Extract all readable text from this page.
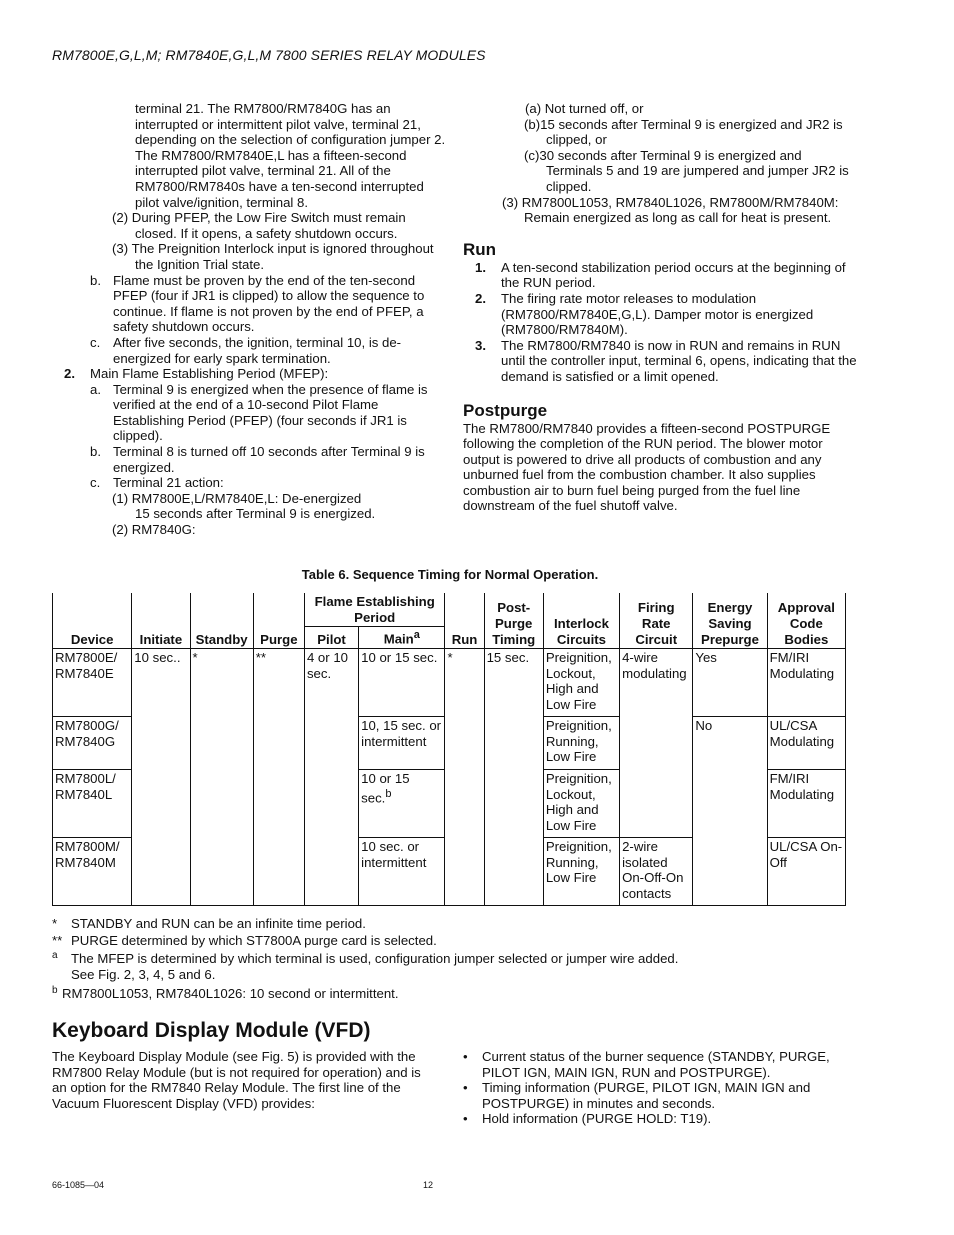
RM7800E,G,L,M; RM7840E,G,L,M 7800 SERIES RELAY MODULES

terminal 21. The RM7800/RM7840G has an interrupted or intermittent pilot valve, terminal 21, depending on the selection of configuration jumper 2. The RM7800/RM7840E,L has a fifteen-second interrupted pilot valve, terminal 21. All of the RM7800/RM7840s have a ten-second interrupted pilot valve/ignition, terminal 8.

(2) During PFEP, the Low Fire Switch must remain closed. If it opens, a safety shutdown occurs.

(3) The Preignition Interlock input is ignored throughout the Ignition Trial state.

b. Flame must be proven by the end of the ten-second PFEP (four if JR1 is clipped) to allow the sequence to continue. If flame is not proven by the end of PFEP, a safety shutdown occurs.

c. After five seconds, the ignition, terminal 10, is de-energized for early spark termination.

2. Main Flame Establishing Period (MFEP):

a. Terminal 9 is energized when the presence of flame is verified at the end of a 10-second Pilot Flame Establishing Period (PFEP) (four seconds if JR1 is clipped).

b. Terminal 8 is turned off 10 seconds after Terminal 9 is energized.

c. Terminal 21 action:

(1) RM7800E,L/RM7840E,L: De-energized

15 seconds after Terminal 9 is energized.

(2) RM7840G:

(a) Not turned off, or

(b)15 seconds after Terminal 9 is energized and JR2 is clipped, or

(c)30 seconds after Terminal 9 is energized and Terminals 5 and 19 are jumpered and jumper JR2 is clipped.

(3) RM7800L1053, RM7840L1026, RM7800M/RM7840M: Remain energized as long as call for heat is present.

Run

1. A ten-second stabilization period occurs at the beginning of the RUN period.

2. The firing rate motor releases to modulation (RM7800/RM7840E,G,L). Damper motor is energized (RM7800/RM7840M).

3. The RM7800/RM7840 is now in RUN and remains in RUN until the controller input, terminal 6, opens, indicating that the demand is satisfied or a limit opened.

Postpurge

The RM7800/RM7840 provides a fifteen-second POSTPURGE following the completion of the RUN period. The blower motor output is powered to drive all products of combustion and any unburned fuel from the combustion chamber. It also supplies combustion air to burn fuel being purged from the fuel line downstream of the fuel shutoff valve.

Table 6. Sequence Timing for Normal Operation.
Device	Initiate	Standby	Purge	Flame Establishing Period		Run	Post-Purge Timing	Interlock Circuits	Firing Rate Circuit	Energy Saving Prepurge	Approval Code Bodies
				Pilot	Main$^a$
RM7800E/ RM7840E	10 sec..	*	**	4 or 10 sec.	10 or 15 sec.	*	15 sec.	Preignition, Lockout, High and Low Fire	4-wire modulating	Yes	FM/IRI Modulating
RM7800G/ RM7840G					10, 15 sec. or intermittent			Preignition, Running, Low Fire		No	UL/CSA Modulating
RM7800L/ RM7840L					10 or 15 sec.$^b$			Preignition, Lockout, High and Low Fire			FM/IRI Modulating
RM7800M/ RM7840M					10 sec. or intermittent			Preignition, Running, Low Fire	2-wire isolated On-Off-On contacts		UL/CSA On-Off
* STANDBY and RUN can be an infinite time period.
** PURGE determined by which ST7800A purge card is selected.
a The MFEP is determined by which terminal is used, configuration jumper selected or jumper wire added.
See Fig. 2, 3, 4, 5 and 6.
b RM7800L1053, RM7840L1026: 10 second or intermittent.
Keyboard Display Module (VFD)
The Keyboard Display Module (see Fig. 5) is provided with the RM7800 Relay Module (but is not required for operation) and is an option for the RM7840 Relay Module. The first line of the Vacuum Fluorescent Display (VFD) provides:
• Current status of the burner sequence (STANDBY, PURGE, PILOT IGN, MAIN IGN, RUN and POSTPURGE).
• Timing information (PURGE, PILOT IGN, MAIN IGN and POSTPURGE) in minutes and seconds.
• Hold information (PURGE HOLD: T19).
66-1085—04	12
